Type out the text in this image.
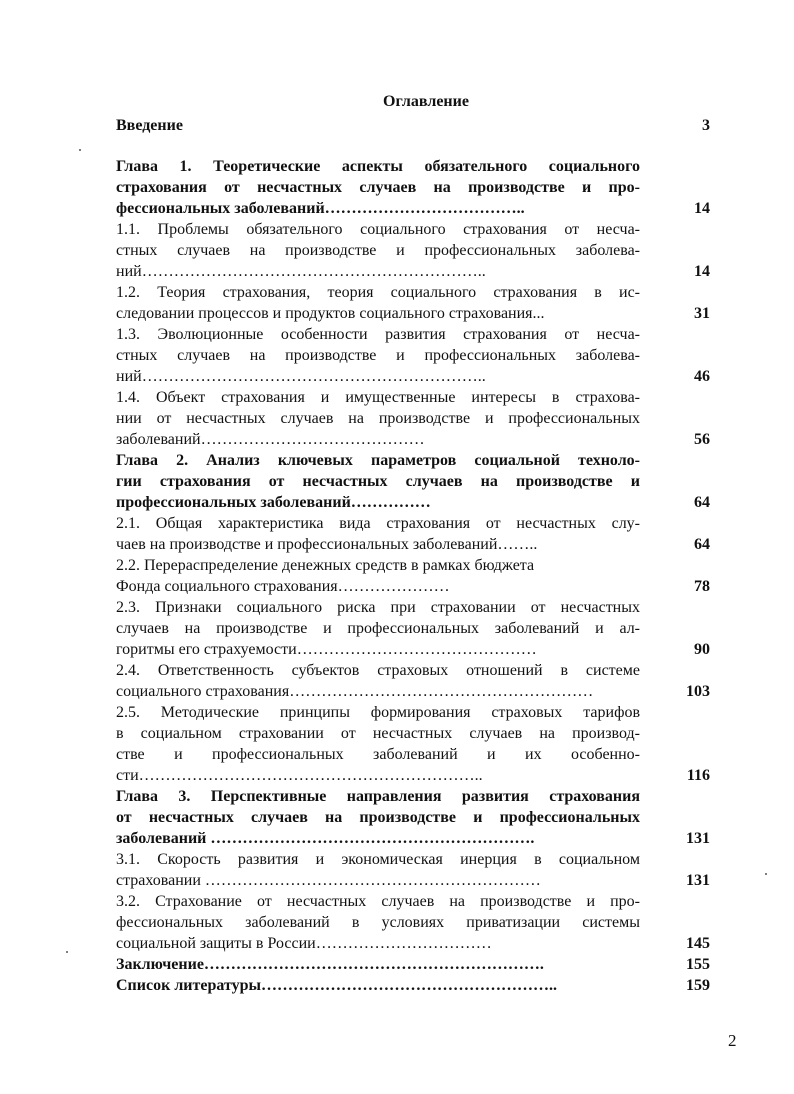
Оглавление
Введение	3
Глава 1. Теоретические аспекты обязательного социального
страхования от несчастных случаев на производстве и про-
фессиональных заболеваний………………………………..	14
1.1. Проблемы обязательного социального страхования от несча-
стных случаев на производстве и профессиональных заболева-
ний………………………………………………………..	14
1.2. Теория страхования, теория социального страхования в ис-
следовании процессов и продуктов социального страхования...	31
1.3. Эволюционные особенности развития страхования от несча-
стных случаев на производстве и профессиональных заболева-
ний………………………………………………………..	46
1.4. Объект страхования и имущественные интересы в страхова-
нии от несчастных случаев на производстве и профессиональных
заболеваний……………………………………	56
Глава 2. Анализ ключевых параметров социальной техноло-
гии страхования от несчастных случаев на производстве и
профессиональных заболеваний……………	64
2.1. Общая характеристика вида страхования от несчастных слу-
чаев на производстве и профессиональных заболеваний……..	64
2.2. Перераспределение денежных средств в рамках бюджета
Фонда социального страхования…………………	78
2.3. Признаки социального риска при страховании от несчастных
случаев на производстве и профессиональных заболеваний и ал-
горитмы его страхуемости………………………………………	90
2.4. Ответственность субъектов страховых отношений в системе
социального страхования…………………………………………………	103
2.5. Методические принципы формирования страховых тарифов
в социальном страховании от несчастных случаев на производ-
стве и профессиональных заболеваний и их особенно-
сти………………………………………………………..	116
Глава 3. Перспективные направления развития страхования
от несчастных случаев на производстве и профессиональных
заболеваний …………………………………………………….	131
3.1. Скорость развития и экономическая инерция в социальном
страховании ………………………………………………………	131
3.2. Страхование от несчастных случаев на производстве и про-
фессиональных заболеваний в условиях приватизации системы
социальной защиты в России……………………………	145
Заключение……………………………………………………….	155
Список литературы………………………………………………..	159
2
